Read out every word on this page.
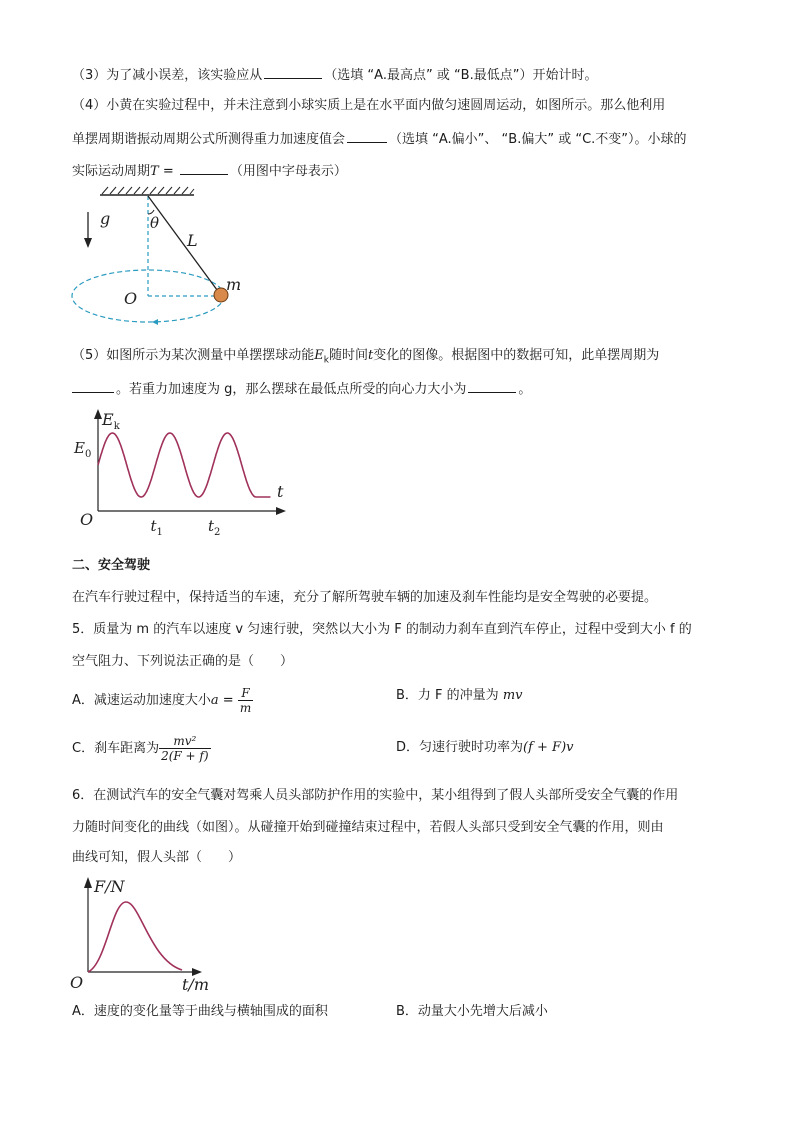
（3）为了减小误差，该实验应从	（选填 “A.最高点” 或 “B.最低点”）开始计时。
（4）小黄在实验过程中，并未注意到小球实质上是在水平面内做匀速圆周运动，如图所示。那么他利用
单摆周期谐振动周期公式所测得重力加速度值会	（选填 “A.偏小”、 “B.偏大” 或 “C.不变”）。小球的
实际运动周期T =	（用图中字母表示）
g	θ
L
m
O
（5）如图所示为某次测量中单摆摆球动能$E_k$随时间t变化的图像。根据图中的数据可知，此单摆周期为
。若重力加速度为 g，那么摆球在最低点所受的向心力大小为	。
$E_k$
$E_0$
t
O	$t_1$	$t_2$
二、安全驾驶
在汽车行驶过程中，保持适当的车速，充分了解所驾驶车辆的加速及刹车性能均是安全驾驶的必要提。
5．质量为 m 的汽车以速度 v 匀速行驶，突然以大小为 F 的制动力刹车直到汽车停止，过程中受到大小 f 的
空气阻力、下列说法正确的是（　　）
A．减速运动加速度大小$a = \frac{F}{m}$	B．力 F 的冲量为 mv
C．刹车距离为 $\frac{\text{mv²}}{2(F + f)}$	D．匀速行驶时功率为(f + F)v
6．在测试汽车的安全气囊对驾乘人员头部防护作用的实验中，某小组得到了假人头部所受安全气囊的作用
力随时间变化的曲线（如图）。从碰撞开始到碰撞结束过程中，若假人头部只受到安全气囊的作用，则由
曲线可知，假人头部（　　）
F/N
t/m
O
A．速度的变化量等于曲线与横轴围成的面积	B．动量大小先增大后减小
